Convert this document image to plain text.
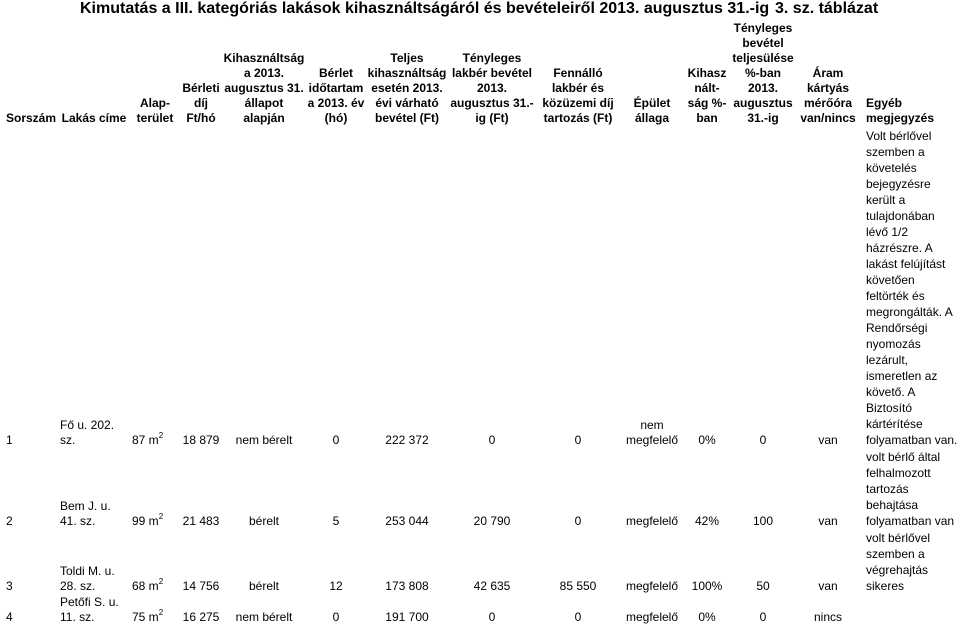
Kimutatás a III. kategóriás lakások kihasználtságáról és bevételeiről 2013. augusztus 31.-ig 3. sz. táblázat
Sorszám	Lakás címe	Alap-terület	Bérleti díj Ft/hó	Kihasználtság a 2013. augusztus 31. állapot alapján	Bérlet időtartam a 2013. év (hó)	Teljes kihasználtság esetén 2013. évi várható bevétel (Ft)	Tényleges lakbér bevétel 2013. augusztus 31.-ig (Ft)	Fennálló lakbér és közüzemi díj tartozás (Ft)	Épület állaga	Kihasz nált-ság %-ban	Tényleges bevétel teljesülése %-ban 2013. augusztus 31.-ig	Áram kártyás mérőóra van/nincs	Egyéb megjegyzés
1	Fő u. 202. sz.	87 $m^2$	18 879	nem bérelt	0	222 372	0	0	nem megfelelő	0%	0	van	Volt bérlővel szemben a követelés bejegyzésre került a tulajdonában lévő 1/2 házrészre. A lakást felújítást követően feltörték és megrongálták. A Rendőrségi nyomozás lezárult, ismeretlen az követő. A Biztosító kártérítése folyamatban van.
2	Bem J. u. 41. sz.	99 $m^2$	21 483	bérelt	5	253 044	20 790	0	megfelelő	42%	100	van	volt bérlő által felhalmozott tartozás behajtása folyamatban van
3	Toldi M. u. 28. sz.	68 $m^2$	14 756	bérelt	12	173 808	42 635	85 550	megfelelő	100%	50	van	volt bérlővel szemben a végrehajtás sikeres
4	Petőfi S. u. 11. sz.	75 $m^2$	16 275	nem bérelt	0	191 700	0	0	megfelelő	0%	0	nincs	
